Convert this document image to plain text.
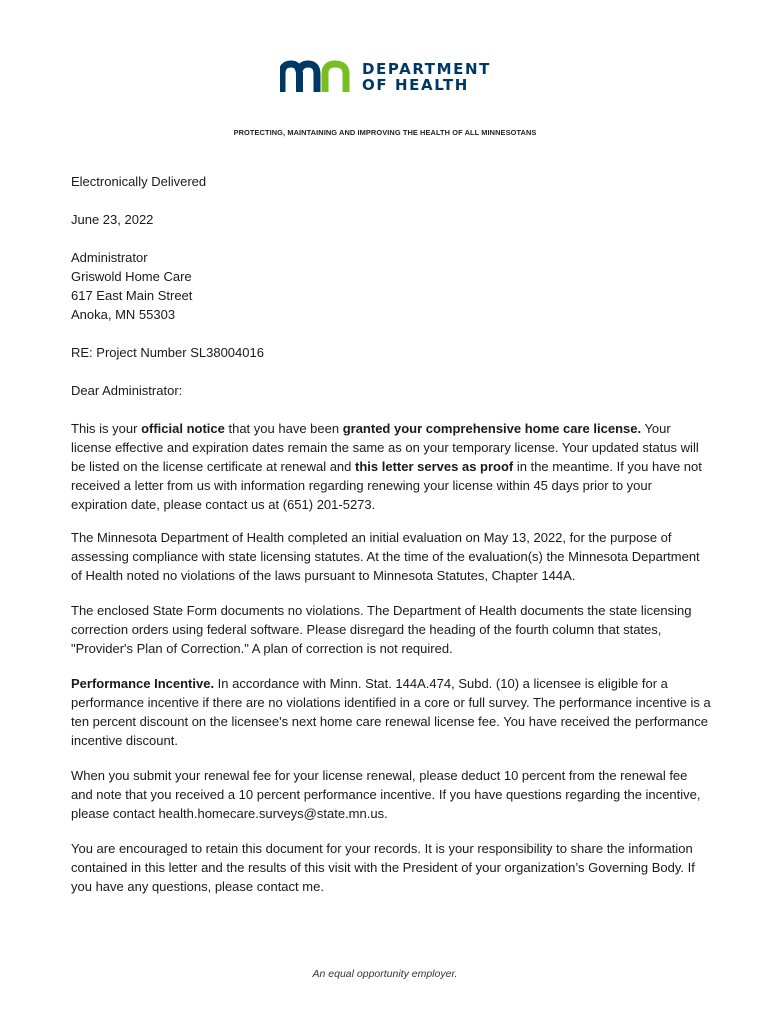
DEPARTMENT
OF HEALTH
PROTECTING, MAINTAINING AND IMPROVING THE HEALTH OF ALL MINNESOTANS

Electronically Delivered

June 23, 2022

Administrator

Griswold Home Care

617 East Main Street

Anoka, MN 55303

RE: Project Number SL38004016

Dear Administrator:

This is your official notice that you have been granted your comprehensive home care license. Your license effective and expiration dates remain the same as on your temporary license. Your updated status will be listed on the license certificate at renewal and this letter serves as proof in the meantime. If you have not received a letter from us with information regarding renewing your license within 45 days prior to your expiration date, please contact us at (651) 201-5273.

The Minnesota Department of Health completed an initial evaluation on May 13, 2022, for the purpose of assessing compliance with state licensing statutes. At the time of the evaluation(s) the Minnesota Department of Health noted no violations of the laws pursuant to Minnesota Statutes, Chapter 144A.

The enclosed State Form documents no violations. The Department of Health documents the state licensing correction orders using federal software. Please disregard the heading of the fourth column that states, "Provider's Plan of Correction." A plan of correction is not required.

Performance Incentive. In accordance with Minn. Stat. 144A.474, Subd. (10) a licensee is eligible for a performance incentive if there are no violations identified in a core or full survey. The performance incentive is a ten percent discount on the licensee's next home care renewal license fee. You have received the performance incentive discount.

When you submit your renewal fee for your license renewal, please deduct 10 percent from the renewal fee and note that you received a 10 percent performance incentive. If you have questions regarding the incentive, please contact health.homecare.surveys@state.mn.us.

You are encouraged to retain this document for your records. It is your responsibility to share the information contained in this letter and the results of this visit with the President of your organization’s Governing Body. If you have any questions, please contact me.

An equal opportunity employer.
